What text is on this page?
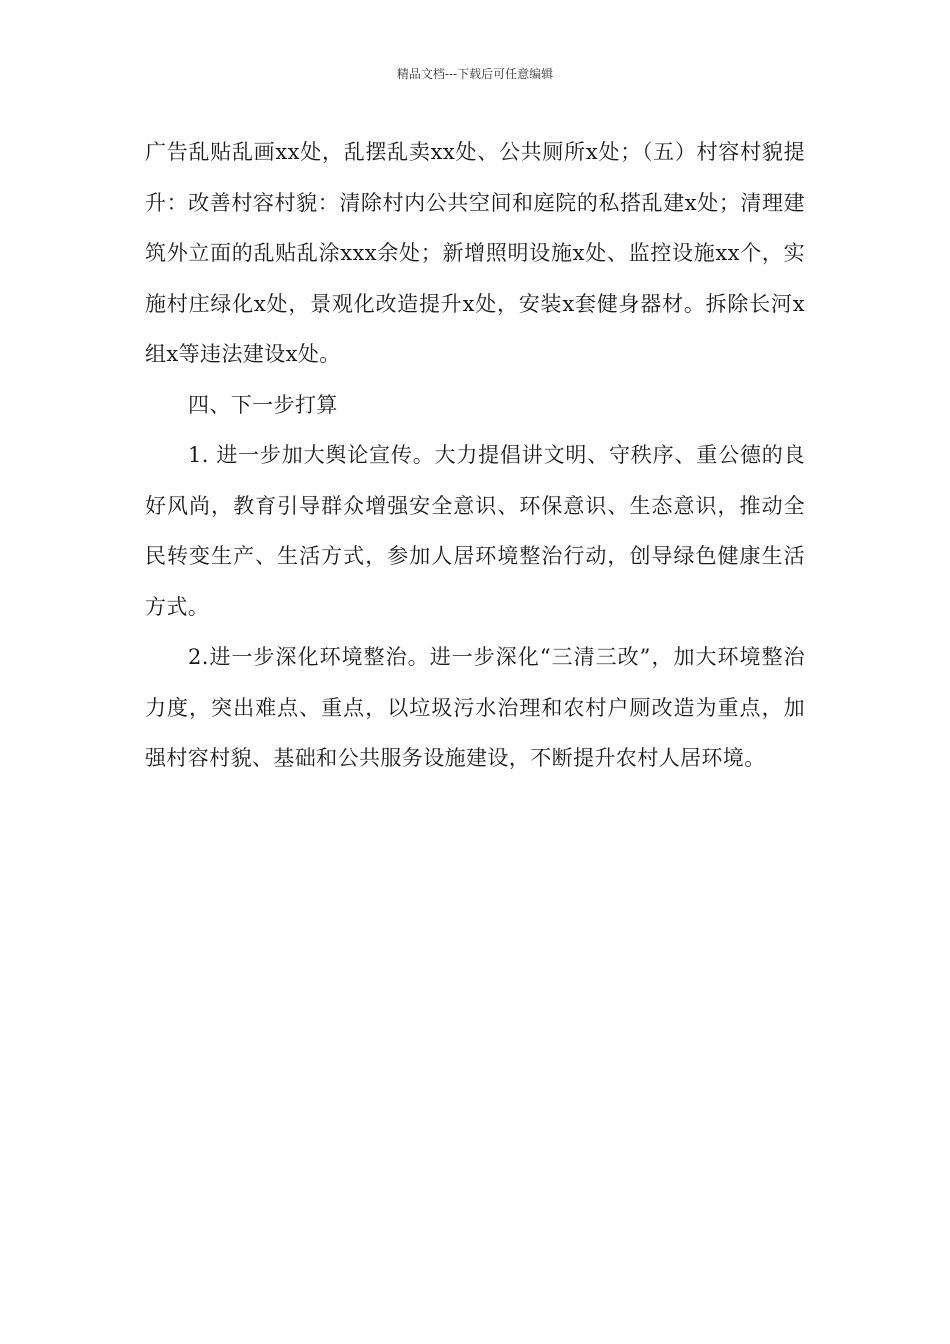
精品文档---下载后可任意编辑

广告乱贴乱画xx处，乱摆乱卖xx处、公共厕所x处；（五）村容村貌提升：改善村容村貌：清除村内公共空间和庭院的私搭乱建x处；清理建筑外立面的乱贴乱涂xxx余处；新增照明设施x处、监控设施xx个，实施村庄绿化x处，景观化改造提升x处，安装x套健身器材。拆除长河x组x等违法建设x处。

四、下一步打算

1. 进一步加大舆论宣传。大力提倡讲文明、守秩序、重公德的良好风尚，教育引导群众增强安全意识、环保意识、生态意识，推动全民转变生产、生活方式，参加人居环境整治行动，创导绿色健康生活方式。

2.进一步深化环境整治。进一步深化“三清三改”，加大环境整治力度，突出难点、重点，以垃圾污水治理和农村户厕改造为重点，加强村容村貌、基础和公共服务设施建设，不断提升农村人居环境。
